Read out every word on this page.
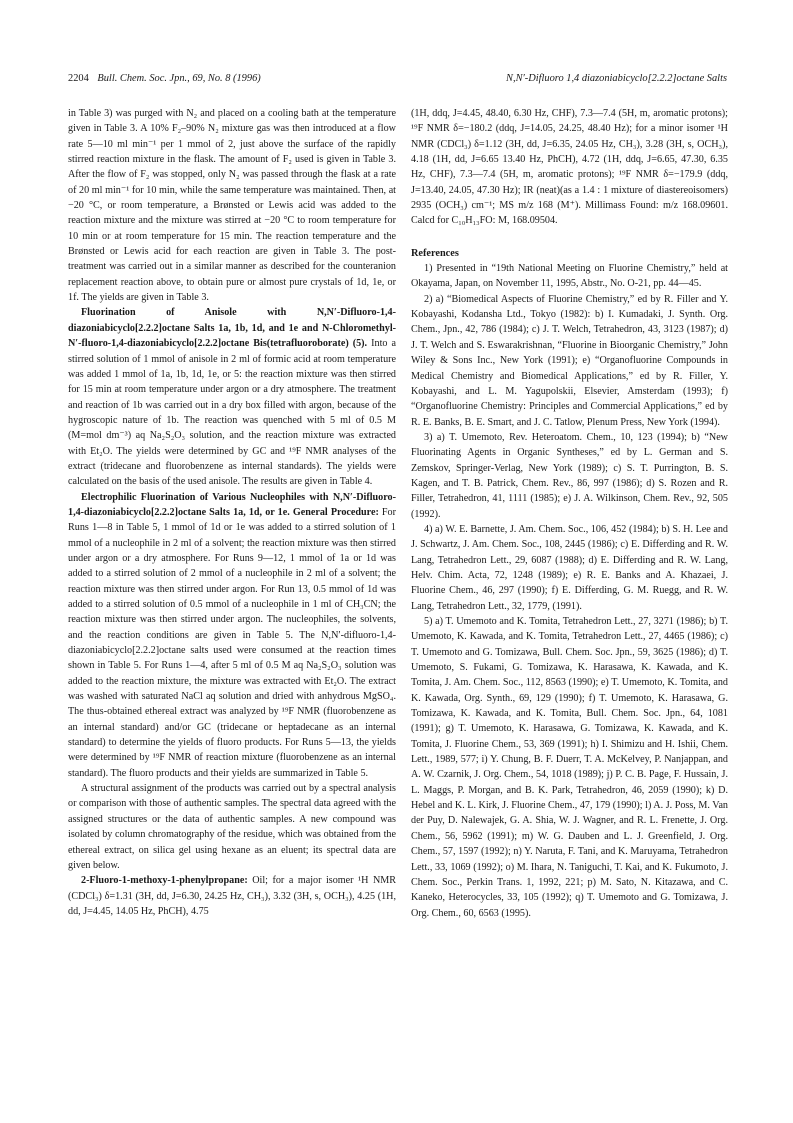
2204 Bull. Chem. Soc. Jpn., 69, No. 8 (1996)	N,N′-Difluoro 1,4 diazoniabicyclo[2.2.2]octane Salts

in Table 3) was purged with N₂ and placed on a cooling bath at the temperature given in Table 3. A 10% F₂–90% N₂ mixture gas was then introduced at a flow rate 5—10 ml min⁻¹ per 1 mmol of 2, just above the surface of the rapidly stirred reaction mixture in the flask. The amount of F₂ used is given in Table 3. After the flow of F₂ was stopped, only N₂ was passed through the flask at a rate of 20 ml min⁻¹ for 10 min, while the same temperature was maintained. Then, at −20 °C, or room temperature, a Brønsted or Lewis acid was added to the reaction mixture and the mixture was stirred at −20 °C to room temperature for 10 min or at room temperature for 15 min. The reaction temperature and the Brønsted or Lewis acid for each reaction are given in Table 3. The post-treatment was carried out in a similar manner as described for the counteranion replacement reaction above, to obtain pure or almost pure crystals of 1d, 1e, or 1f. The yields are given in Table 3.

Fluorination of Anisole with N,N′-Difluoro-1,4-diazoniabicyclo[2.2.2]octane Salts 1a, 1b, 1d, and 1e and N-Chloromethyl-N′-fluoro-1,4-diazoniabicyclo[2.2.2]octane Bis(tetrafluoroborate) (5). Into a stirred solution of 1 mmol of anisole in 2 ml of formic acid at room temperature was added 1 mmol of 1a, 1b, 1d, 1e, or 5: the reaction mixture was then stirred for 15 min at room temperature under argon or a dry atmosphere. The treatment and reaction of 1b was carried out in a dry box filled with argon, because of the hygroscopic nature of 1b. The reaction was quenched with 5 ml of 0.5 M (M=mol dm⁻³) aq Na₂S₂O₃ solution, and the reaction mixture was extracted with Et₂O. The yields were determined by GC and ¹⁹F NMR analyses of the extract (tridecane and fluorobenzene as internal standards). The yields were calculated on the basis of the used anisole. The results are given in Table 4.

Electrophilic Fluorination of Various Nucleophiles with N,N′-Difluoro-1,4-diazoniabicyclo[2.2.2]octane Salts 1a, 1d, or 1e. General Procedure: For Runs 1—8 in Table 5, 1 mmol of 1d or 1e was added to a stirred solution of 1 mmol of a nucleophile in 2 ml of a solvent; the reaction mixture was then stirred under argon or a dry atmosphere. For Runs 9—12, 1 mmol of 1a or 1d was added to a stirred solution of 2 mmol of a nucleophile in 2 ml of a solvent; the reaction mixture was then stirred under argon. For Run 13, 0.5 mmol of 1d was added to a stirred solution of 0.5 mmol of a nucleophile in 1 ml of CH₃CN; the reaction mixture was then stirred under argon. The nucleophiles, the solvents, and the reaction conditions are given in Table 5. The N,N′-difluoro-1,4-diazoniabicyclo[2.2.2]octane salts used were consumed at the reaction times shown in Table 5. For Runs 1—4, after 5 ml of 0.5 M aq Na₂S₂O₃ solution was added to the reaction mixture, the mixture was extracted with Et₂O. The extract was washed with saturated NaCl aq solution and dried with anhydrous MgSO₄. The thus-obtained ethereal extract was analyzed by ¹⁹F NMR (fluorobenzene as an internal standard) and/or GC (tridecane or heptadecane as an internal standard) to determine the yields of fluoro products. For Runs 5—13, the yields were determined by ¹⁹F NMR of reaction mixture (fluorobenzene as an internal standard). The fluoro products and their yields are summarized in Table 5.

A structural assignment of the products was carried out by a spectral analysis or comparison with those of authentic samples. The spectral data agreed with the assigned structures or the data of authentic samples. A new compound was isolated by column chromatography of the residue, which was obtained from the ethereal extract, on silica gel using hexane as an eluent; its spectral data are given below.

2-Fluoro-1-methoxy-1-phenylpropane: Oil; for a major isomer ¹H NMR (CDCl₃) δ=1.31 (3H, dd, J=6.30, 24.25 Hz, CH₃), 3.32 (3H, s, OCH₃), 4.25 (1H, dd, J=4.45, 14.05 Hz, PhCH), 4.75

(1H, ddq, J=4.45, 48.40, 6.30 Hz, CHF), 7.3—7.4 (5H, m, aromatic protons); ¹⁹F NMR δ=−180.2 (ddq, J=14.05, 24.25, 48.40 Hz); for a minor isomer ¹H NMR (CDCl₃) δ=1.12 (3H, dd, J=6.35, 24.05 Hz, CH₃), 3.28 (3H, s, OCH₃), 4.18 (1H, dd, J=6.65 13.40 Hz, PhCH), 4.72 (1H, ddq, J=6.65, 47.30, 6.35 Hz, CHF), 7.3—7.4 (5H, m, aromatic protons); ¹⁹F NMR δ=−179.9 (ddq, J=13.40, 24.05, 47.30 Hz); IR (neat)(as a 1.4 : 1 mixture of diastereoisomers) 2935 (OCH₃) cm⁻¹; MS m/z 168 (M⁺). Millimass Found: m/z 168.09601. Calcd for C₁₀H₁₃FO: M, 168.09504.

References

1) Presented in “19th National Meeting on Fluorine Chemistry,” held at Okayama, Japan, on November 11, 1995, Abstr., No. O-21, pp. 44—45.

2) a) “Biomedical Aspects of Fluorine Chemistry,” ed by R. Filler and Y. Kobayashi, Kodansha Ltd., Tokyo (1982): b) I. Kumadaki, J. Synth. Org. Chem., Jpn., 42, 786 (1984); c) J. T. Welch, Tetrahedron, 43, 3123 (1987); d) J. T. Welch and S. Eswarakrishnan, “Fluorine in Bioorganic Chemistry,” John Wiley & Sons Inc., New York (1991); e) “Organofluorine Compounds in Medical Chemistry and Biomedical Applications,” ed by R. Filler, Y. Kobayashi, and L. M. Yagupolskii, Elsevier, Amsterdam (1993); f) “Organofluorine Chemistry: Principles and Commercial Applications,” ed by R. E. Banks, B. E. Smart, and J. C. Tatlow, Plenum Press, New York (1994).

3) a) T. Umemoto, Rev. Heteroatom. Chem., 10, 123 (1994); b) “New Fluorinating Agents in Organic Syntheses,” ed by L. German and S. Zemskov, Springer-Verlag, New York (1989); c) S. T. Purrington, B. S. Kagen, and T. B. Patrick, Chem. Rev., 86, 997 (1986); d) S. Rozen and R. Filler, Tetrahedron, 41, 1111 (1985); e) J. A. Wilkinson, Chem. Rev., 92, 505 (1992).

4) a) W. E. Barnette, J. Am. Chem. Soc., 106, 452 (1984); b) S. H. Lee and J. Schwartz, J. Am. Chem. Soc., 108, 2445 (1986); c) E. Differding and R. W. Lang, Tetrahedron Lett., 29, 6087 (1988); d) E. Differding and R. W. Lang, Helv. Chim. Acta, 72, 1248 (1989); e) R. E. Banks and A. Khazaei, J. Fluorine Chem., 46, 297 (1990); f) E. Differding, G. M. Ruegg, and R. W. Lang, Tetrahedron Lett., 32, 1779, (1991).

5) a) T. Umemoto and K. Tomita, Tetrahedron Lett., 27, 3271 (1986); b) T. Umemoto, K. Kawada, and K. Tomita, Tetrahedron Lett., 27, 4465 (1986); c) T. Umemoto and G. Tomizawa, Bull. Chem. Soc. Jpn., 59, 3625 (1986); d) T. Umemoto, S. Fukami, G. Tomizawa, K. Harasawa, K. Kawada, and K. Tomita, J. Am. Chem. Soc., 112, 8563 (1990); e) T. Umemoto, K. Tomita, and K. Kawada, Org. Synth., 69, 129 (1990); f) T. Umemoto, K. Harasawa, G. Tomizawa, K. Kawada, and K. Tomita, Bull. Chem. Soc. Jpn., 64, 1081 (1991); g) T. Umemoto, K. Harasawa, G. Tomizawa, K. Kawada, and K. Tomita, J. Fluorine Chem., 53, 369 (1991); h) I. Shimizu and H. Ishii, Chem. Lett., 1989, 577; i) Y. Chung, B. F. Duerr, T. A. McKelvey, P. Nanjappan, and A. W. Czarnik, J. Org. Chem., 54, 1018 (1989); j) P. C. B. Page, F. Hussain, J. L. Maggs, P. Morgan, and B. K. Park, Tetrahedron, 46, 2059 (1990); k) D. Hebel and K. L. Kirk, J. Fluorine Chem., 47, 179 (1990); l) A. J. Poss, M. Van der Puy, D. Nalewajek, G. A. Shia, W. J. Wagner, and R. L. Frenette, J. Org. Chem., 56, 5962 (1991); m) W. G. Dauben and L. J. Greenfield, J. Org. Chem., 57, 1597 (1992); n) Y. Naruta, F. Tani, and K. Maruyama, Tetrahedron Lett., 33, 1069 (1992); o) M. Ihara, N. Taniguchi, T. Kai, and K. Fukumoto, J. Chem. Soc., Perkin Trans. 1, 1992, 221; p) M. Sato, N. Kitazawa, and C. Kaneko, Heterocycles, 33, 105 (1992); q) T. Umemoto and G. Tomizawa, J. Org. Chem., 60, 6563 (1995).
